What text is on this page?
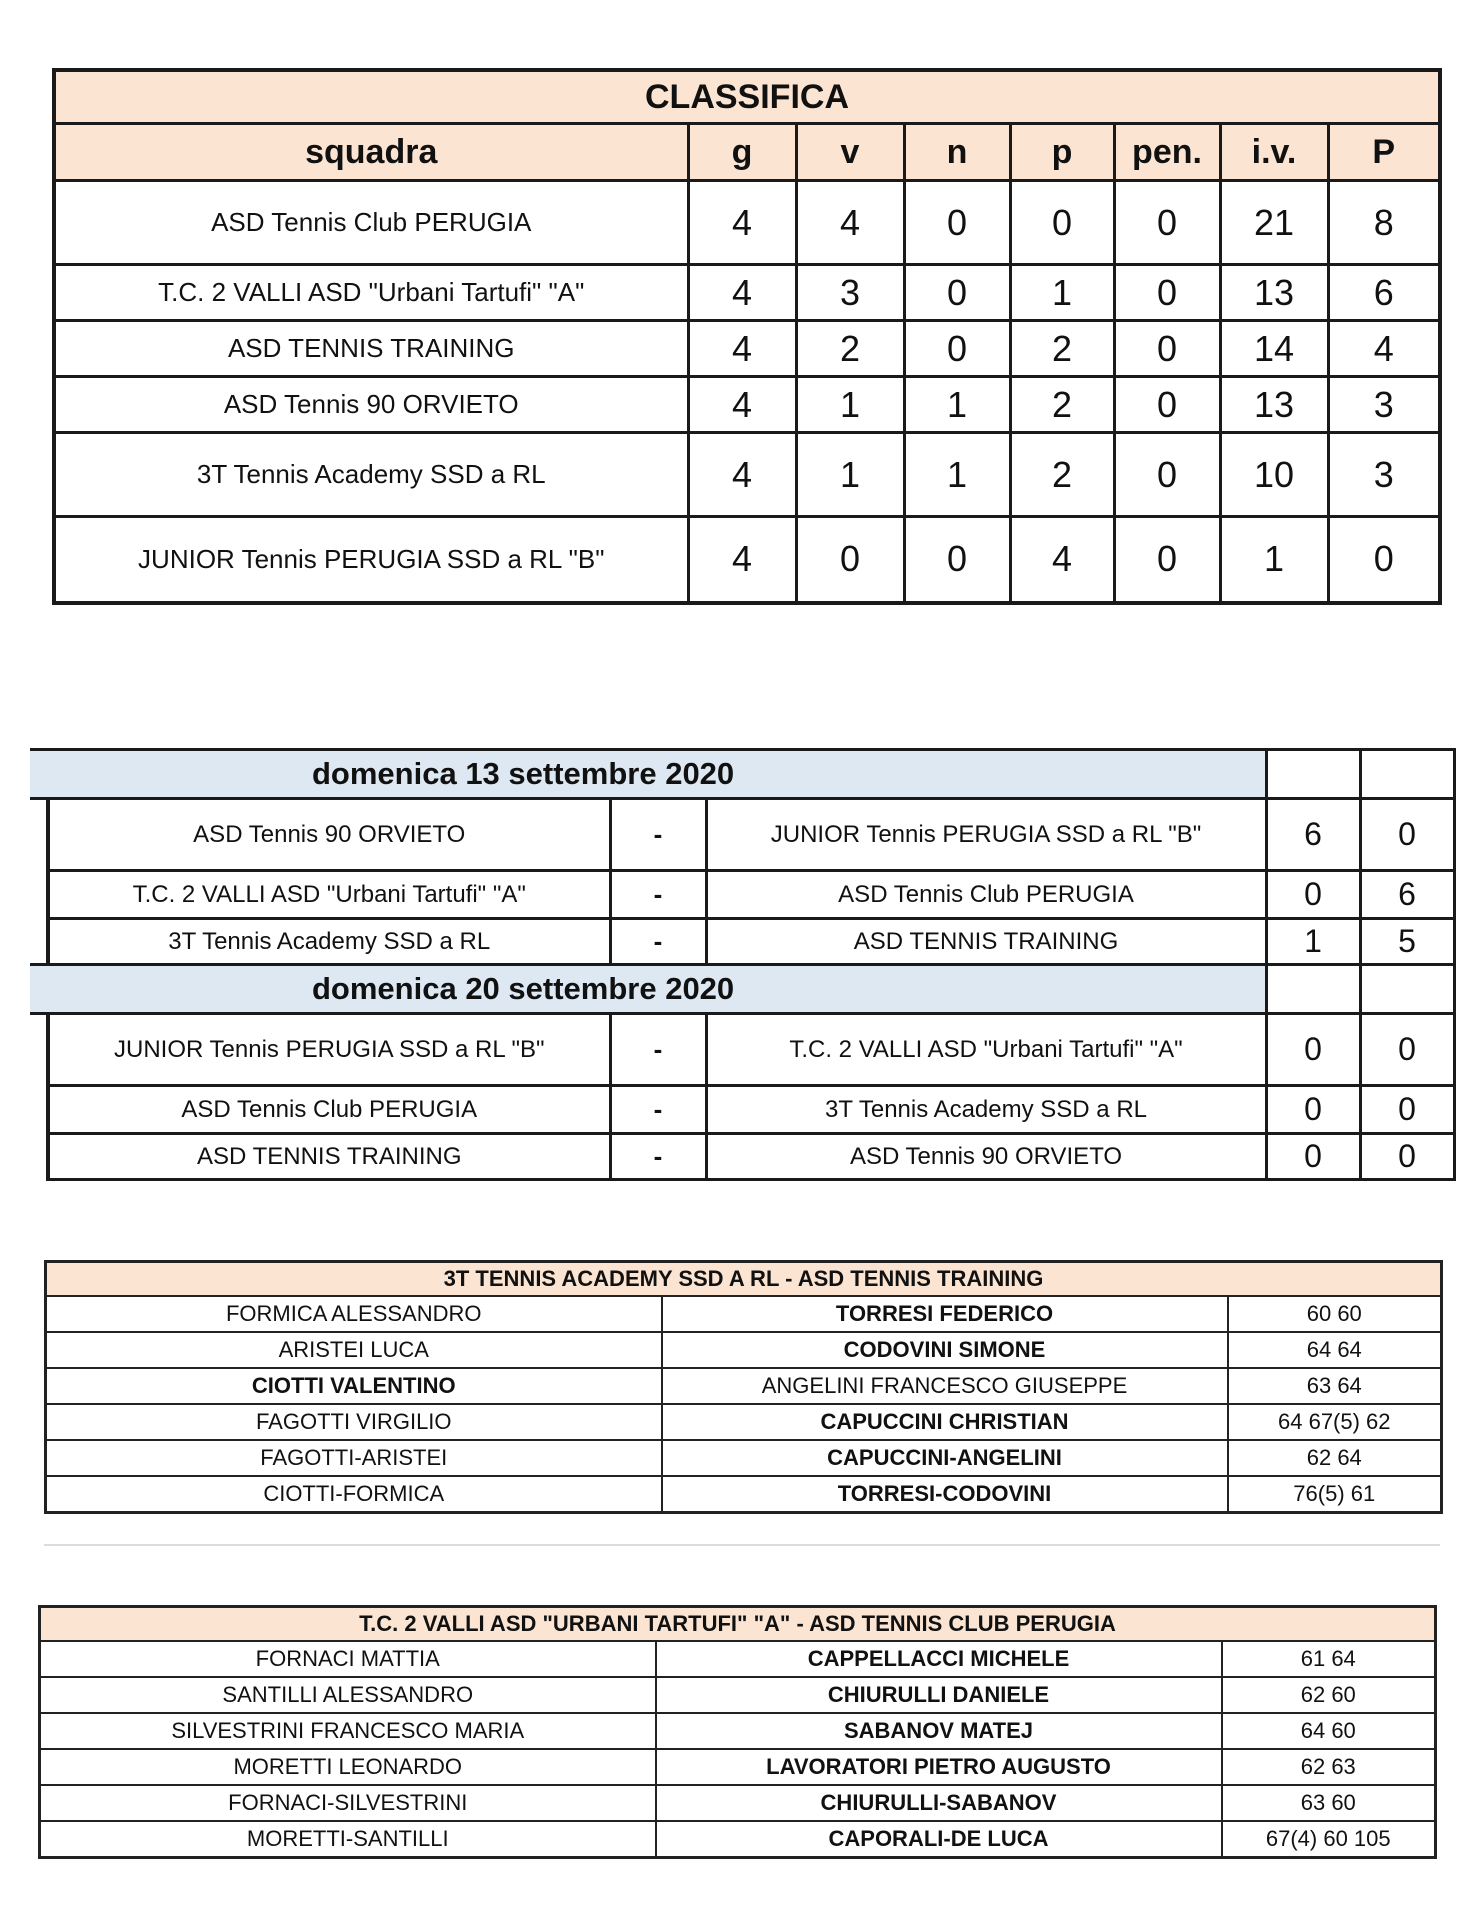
CLASSIFICA							
squadra	g	v	n	p	pen.	i.v.	P
ASD Tennis Club PERUGIA	4	4	0	0	0	21	8
T.C. 2 VALLI ASD "Urbani Tartufi" "A"	4	3	0	1	0	13	6
ASD TENNIS TRAINING	4	2	0	2	0	14	4
ASD Tennis 90 ORVIETO	4	1	1	2	0	13	3
3T Tennis Academy SSD a RL	4	1	1	2	0	10	3
JUNIOR Tennis PERUGIA SSD a RL "B"	4	0	0	4	0	1	0
domenica 13 settembre 2020					
	ASD Tennis 90 ORVIETO	-	JUNIOR Tennis PERUGIA SSD a RL "B"	6	0
	T.C. 2 VALLI ASD "Urbani Tartufi" "A"	-	ASD Tennis Club PERUGIA	0	6
	3T Tennis Academy SSD a RL	-	ASD TENNIS TRAINING	1	5
domenica 20 settembre 2020					
	JUNIOR Tennis PERUGIA SSD a RL "B"	-	T.C. 2 VALLI ASD "Urbani Tartufi" "A"	0	0
	ASD Tennis Club PERUGIA	-	3T Tennis Academy SSD a RL	0	0
	ASD TENNIS TRAINING	-	ASD Tennis 90 ORVIETO	0	0
3T TENNIS ACADEMY SSD A RL - ASD TENNIS TRAINING		
FORMICA ALESSANDRO	TORRESI FEDERICO	60 60
ARISTEI LUCA	CODOVINI SIMONE	64 64
CIOTTI VALENTINO	ANGELINI FRANCESCO GIUSEPPE	63 64
FAGOTTI VIRGILIO	CAPUCCINI CHRISTIAN	64 67(5) 62
FAGOTTI-ARISTEI	CAPUCCINI-ANGELINI	62 64
CIOTTI-FORMICA	TORRESI-CODOVINI	76(5) 61
T.C. 2 VALLI ASD "URBANI TARTUFI" "A" - ASD TENNIS CLUB PERUGIA		
FORNACI MATTIA	CAPPELLACCI MICHELE	61 64
SANTILLI ALESSANDRO	CHIURULLI DANIELE	62 60
SILVESTRINI FRANCESCO MARIA	SABANOV MATEJ	64 60
MORETTI LEONARDO	LAVORATORI PIETRO AUGUSTO	62 63
FORNACI-SILVESTRINI	CHIURULLI-SABANOV	63 60
MORETTI-SANTILLI	CAPORALI-DE LUCA	67(4) 60 105
